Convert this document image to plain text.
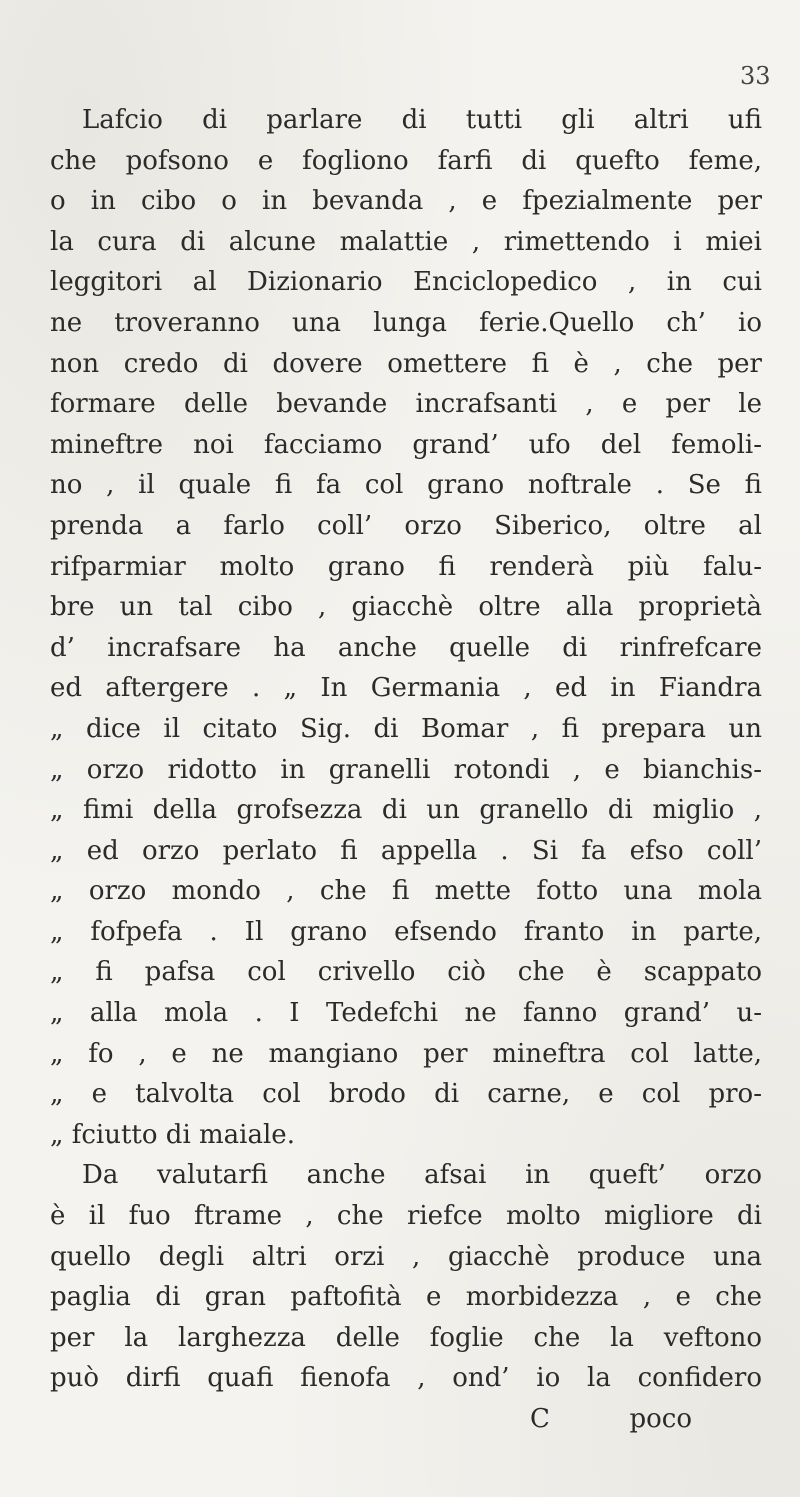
33
Lafcio di parlare di tutti gli altri ufi
che pofsono e fogliono farfi di quefto feme,
o in cibo o in bevanda , e fpezialmente per
la cura di alcune malattie , rimettendo i miei
leggitori al Dizionario Enciclopedico , in cui
ne troveranno una lunga ferie.Quello ch’ io
non credo di dovere omettere fi è , che per
formare delle bevande incrafsanti , e per le
mineftre noi facciamo grand’ ufo del femoli-
no , il quale fi fa col grano noftrale . Se fi
prenda a farlo coll’ orzo Siberico, oltre al
rifparmiar molto grano fi renderà più falu-
bre un tal cibo , giacchè oltre alla proprietà
d’ incrafsare ha anche quelle di rinfrefcare
ed aftergere . „ In Germania , ed in Fiandra
„ dice il citato Sig. di Bomar , fi prepara un
„ orzo ridotto in granelli rotondi , e bianchis-
„ fimi della grofsezza di un granello di miglio ,
„ ed orzo perlato fi appella . Si fa efso coll’
„ orzo mondo , che fi mette fotto una mola
„ fofpefa . Il grano efsendo franto in parte,
„ fi pafsa col crivello ciò che è scappato
„ alla mola . I Tedefchi ne fanno grand’ u-
„ fo , e ne mangiano per mineftra col latte,
„ e talvolta col brodo di carne, e col pro-
„ fciutto di maiale.
Da valutarfi anche afsai in queft’ orzo
è il fuo ftrame , che riefce molto migliore di
quello degli altri orzi , giacchè produce una
paglia di gran paftofità e morbidezza , e che
per la larghezza delle foglie che la veftono
può dirfi quafi fienofa , ond’ io la confidero
C	poco
